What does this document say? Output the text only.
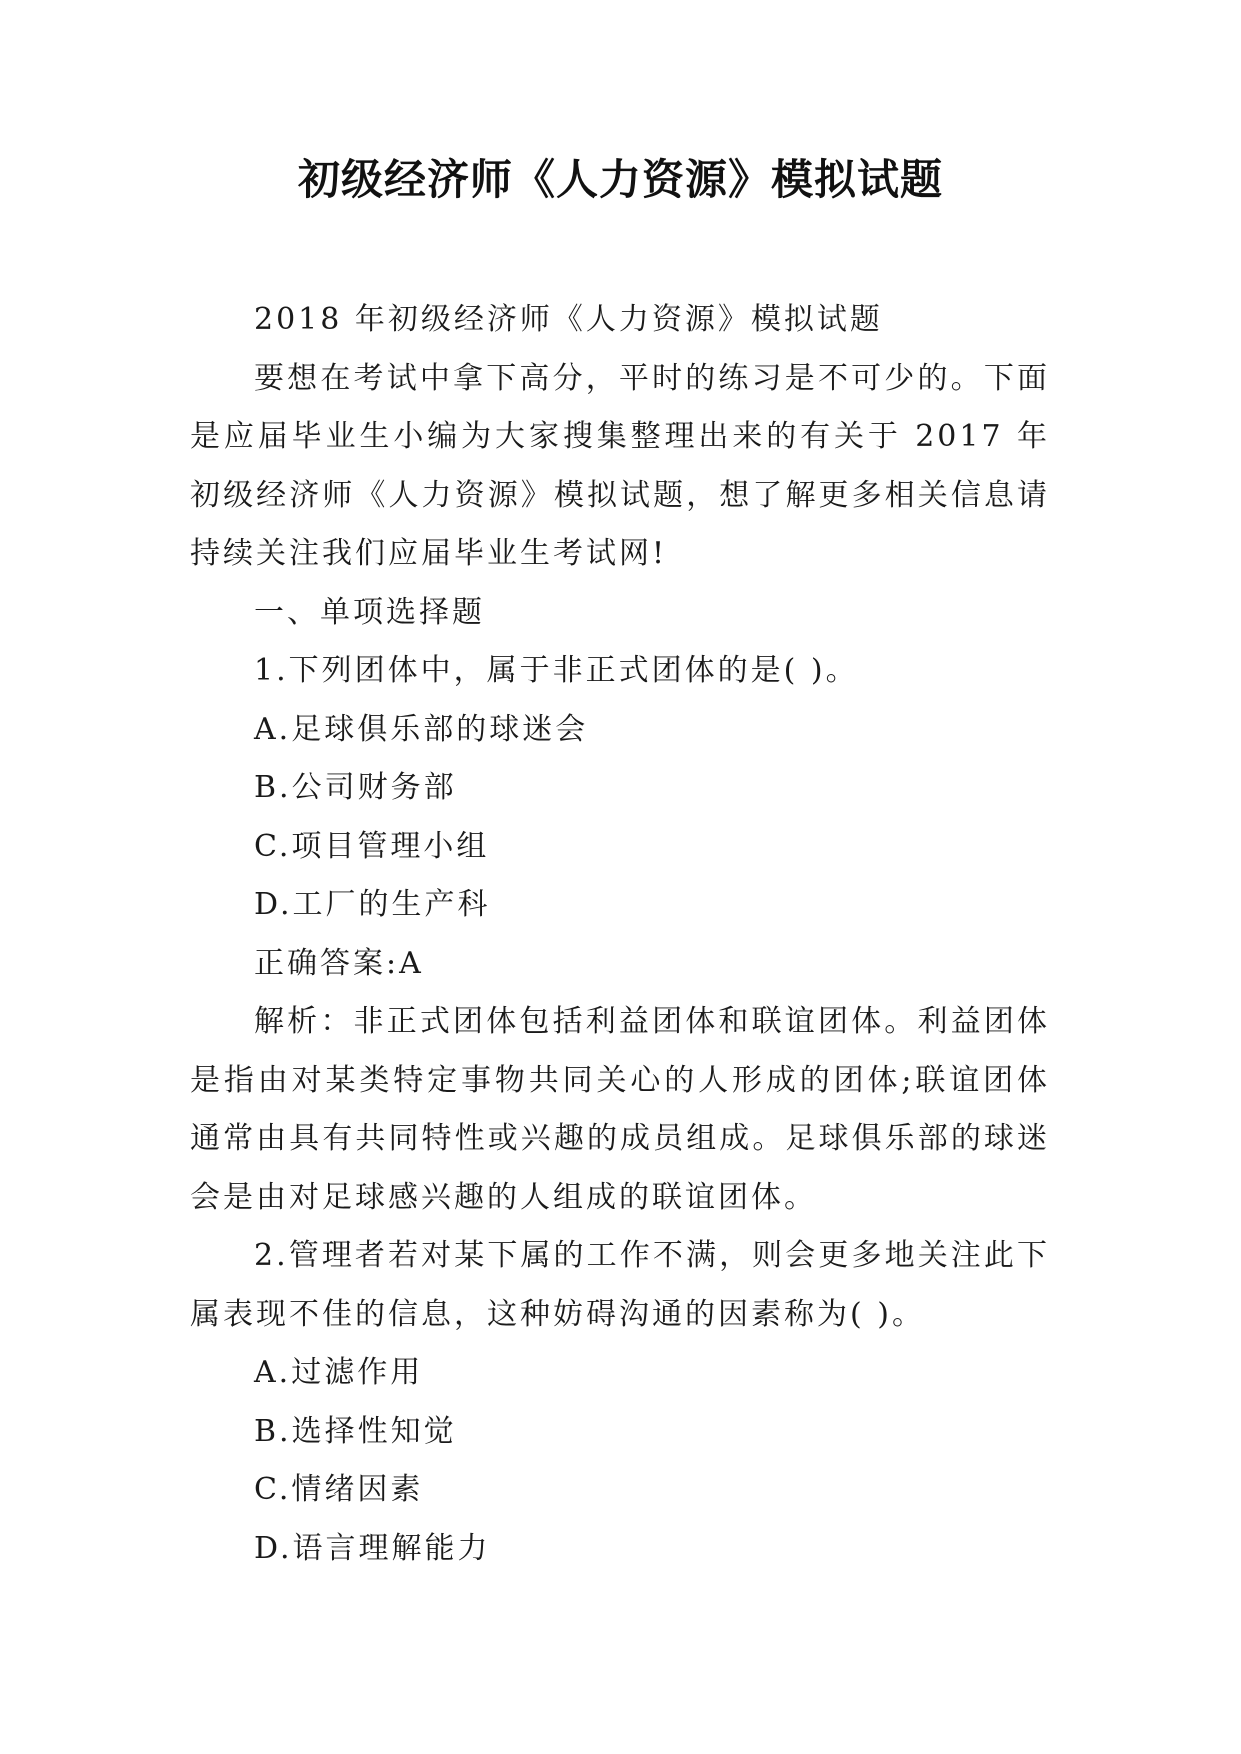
初级经济师《人力资源》模拟试题

2018 年初级经济师《人力资源》模拟试题

要想在考试中拿下高分，平时的练习是不可少的。下面是应届毕业生小编为大家搜集整理出来的有关于 2017 年初级经济师《人力资源》模拟试题，想了解更多相关信息请持续关注我们应届毕业生考试网!

一、单项选择题

1.下列团体中，属于非正式团体的是( )。

A.足球俱乐部的球迷会

B.公司财务部

C.项目管理小组

D.工厂的生产科

正确答案:A

解析：非正式团体包括利益团体和联谊团体。利益团体是指由对某类特定事物共同关心的人形成的团体;联谊团体通常由具有共同特性或兴趣的成员组成。足球俱乐部的球迷会是由对足球感兴趣的人组成的联谊团体。

2.管理者若对某下属的工作不满，则会更多地关注此下属表现不佳的信息，这种妨碍沟通的因素称为( )。

A.过滤作用

B.选择性知觉

C.情绪因素

D.语言理解能力
